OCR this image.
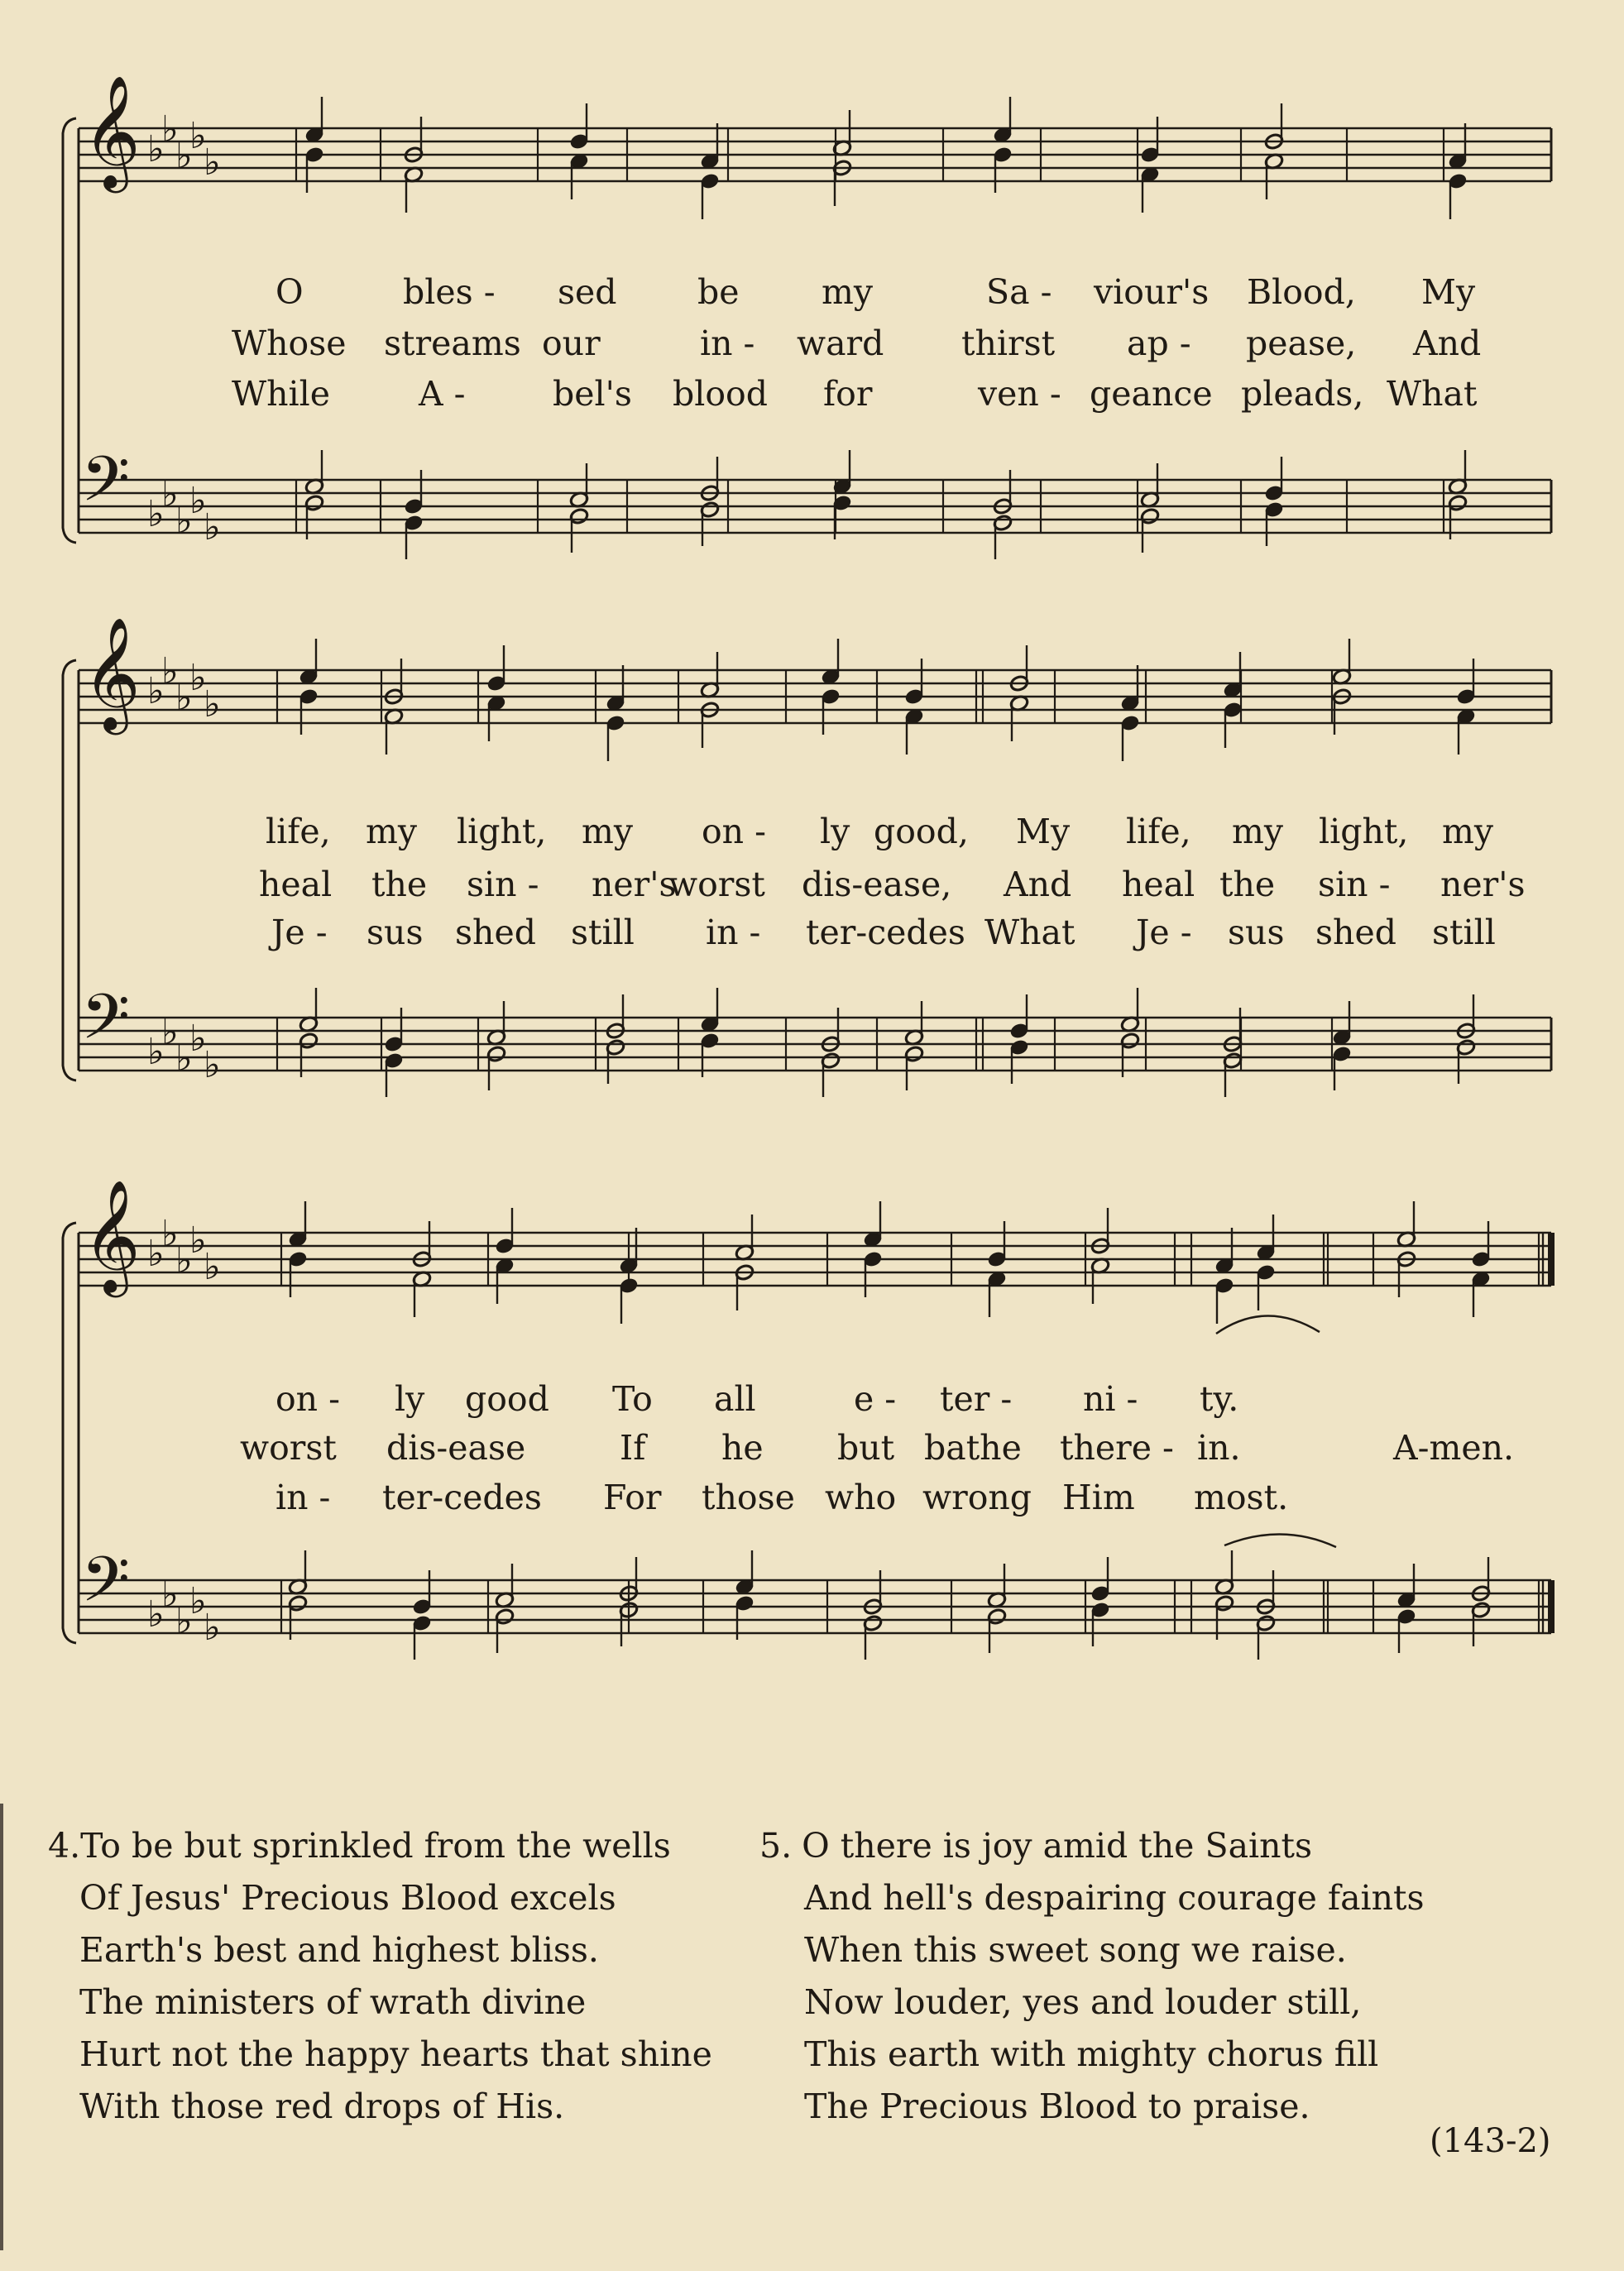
𝄞
𝄢
♭
♭
♭
♭
♭
♭
♭
♭
♭
♭
𝄞
𝄢
♭
♭
♭
♭
♭
♭
♭
♭
♭
♭
𝄞
𝄢
♭
♭
♭
♭
♭
♭
♭
♭
♭
♭
O	bles - sed be my	Sa - viour's Blood, My
Whose streams our	in - ward thirst ap - pease, And
While	A -	bel's blood for	ven - geance pleads, What
life, my light, my on - ly good, My life, my light, my
heal the sin - ner's
worst dis-ease, And heal the sin - ner's
Je - sus shed still in - ter-cedes What Je - sus shed still
on - ly good To all	e - ter - ni - ty.
worst dis-ease	If he but bathe there - in.	A-men.
in - ter-cedes For those who wrong Him most.
4.To be but sprinkled from the wells
Of Jesus' Precious Blood excels
Earth's best and highest bliss.
The ministers of wrath divine
Hurt not the happy hearts that shine
With those red drops of His.
5. O there is joy amid the Saints
And hell's despairing courage faints
When this sweet song we raise.
Now louder, yes and louder still,
This earth with mighty chorus fill
The Precious Blood to praise.
(143-2)
